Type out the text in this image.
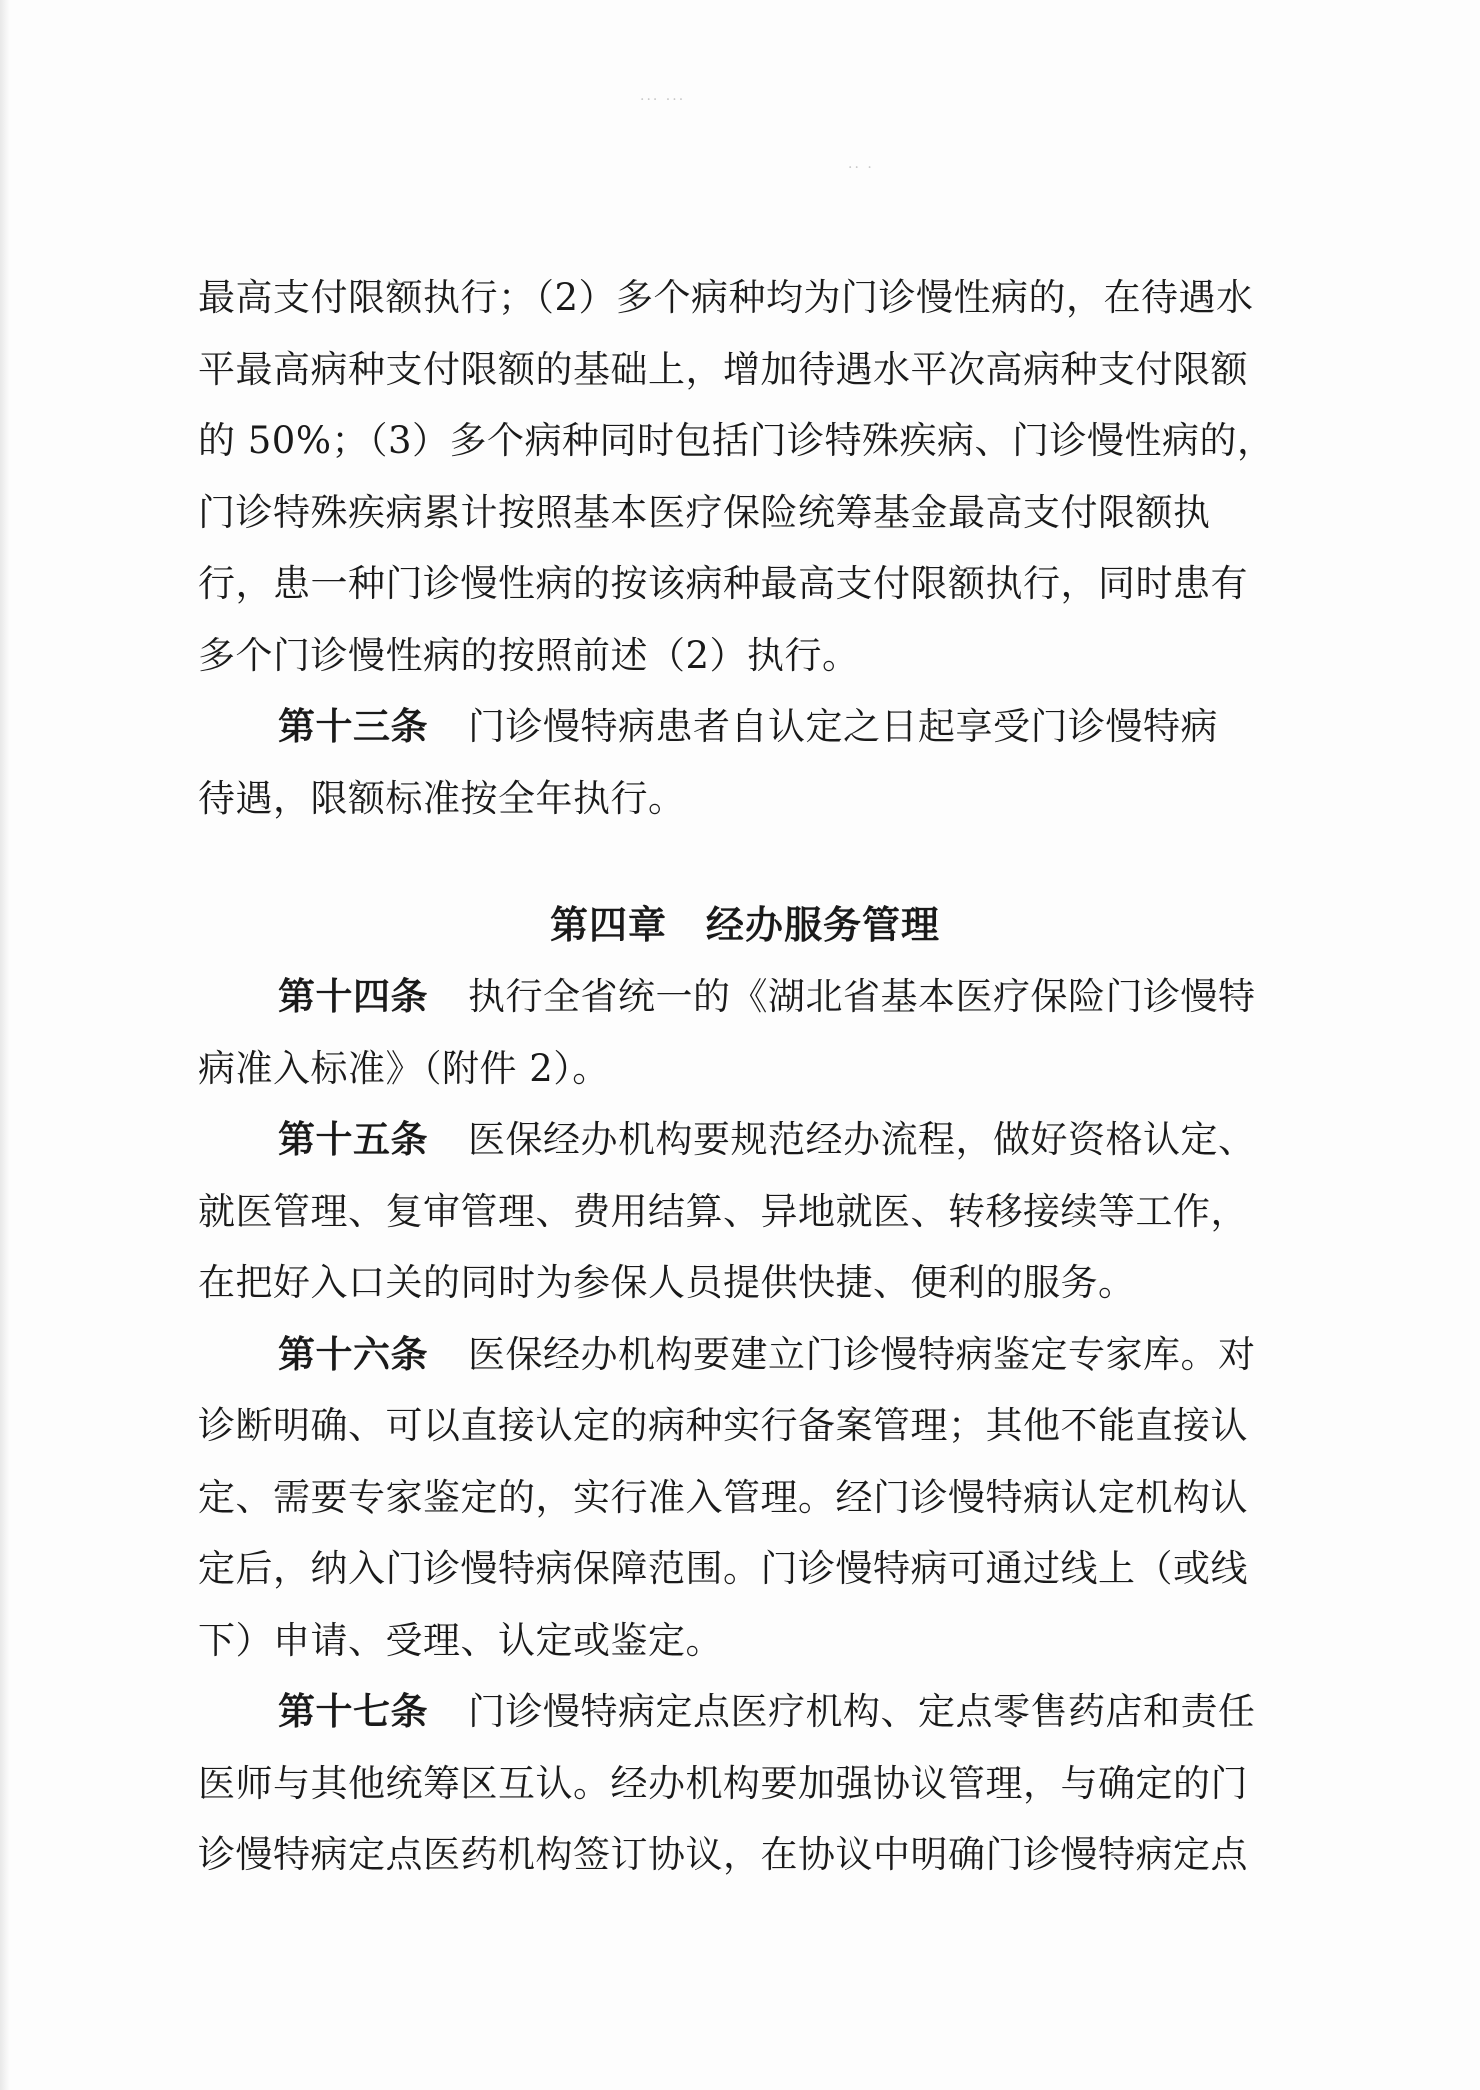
··· ···
·· ·
最高支付限额执行；（2）多个病种均为门诊慢性病的，在待遇水
平最高病种支付限额的基础上，增加待遇水平次高病种支付限额
的 50%；（3）多个病种同时包括门诊特殊疾病、门诊慢性病的，
门诊特殊疾病累计按照基本医疗保险统筹基金最高支付限额执
行，患一种门诊慢性病的按该病种最高支付限额执行，同时患有
多个门诊慢性病的按照前述（2）执行。
第十三条 门诊慢特病患者自认定之日起享受门诊慢特病
待遇，限额标准按全年执行。
第四章　经办服务管理
第十四条 执行全省统一的《湖北省基本医疗保险门诊慢特
病准入标准》（附件 2）。
第十五条 医保经办机构要规范经办流程，做好资格认定、
就医管理、复审管理、费用结算、异地就医、转移接续等工作，
在把好入口关的同时为参保人员提供快捷、便利的服务。
第十六条 医保经办机构要建立门诊慢特病鉴定专家库。对
诊断明确、可以直接认定的病种实行备案管理；其他不能直接认
定、需要专家鉴定的，实行准入管理。经门诊慢特病认定机构认
定后，纳入门诊慢特病保障范围。门诊慢特病可通过线上（或线
下）申请、受理、认定或鉴定。
第十七条 门诊慢特病定点医疗机构、定点零售药店和责任
医师与其他统筹区互认。经办机构要加强协议管理，与确定的门
诊慢特病定点医药机构签订协议，在协议中明确门诊慢特病定点
